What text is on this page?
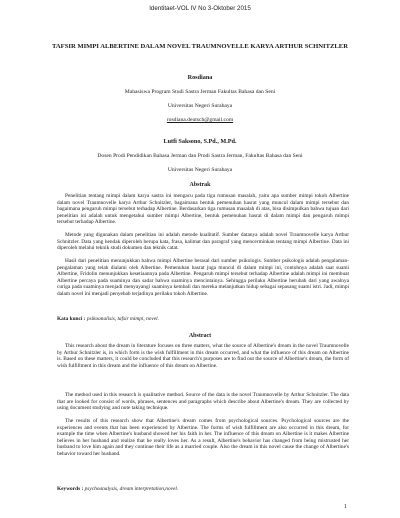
Identitaet-VOL IV No 3-Oktober 2015
TAFSIR MIMPI ALBERTINE DALAM NOVEL TRAUMNOVELLE KARYA ARTHUR SCHNITZLER
Rosdiana
Mahasiswa Program Studi Sastra Jerman Fakultas Bahasa dan Seni
Universitas Negeri Surabaya
rosdiana.deutsch@gmail.com
Lutfi Saksono, S.Pd., M.Pd.
Dosen Prodi Pendidikan Bahasa Jerman dan Prodi Sastra Jerman, Fakultas Bahasa dan Seni
Universitas Negeri Surabaya
Abstrak

Penelitian tentang mimpi dalam karya sastra ini mengacu pada tiga rumusan masalah, yaitu apa sumber mimpi tokoh Albertine dalam novel Traumnovelle karya Arthur Schnitzler, bagaimana bentuk pemenuhan hasrat yang muncul dalam mimpi tersebut dan bagaimana pengaruh mimpi tersebut terhadap Albertine. Berdasarkan tiga rumusan masalah di atas, bisa disimpulkan bahwa tujuan dari penelitian ini adalah untuk mengetahui sumber mimpi Albertine, bentuk pemenuhan hasrat di dalam mimpi dan pengaruh mimpi tersebut terhadap Albertine.

Metode yang digunakan dalam penelitian ini adalah metode kualitatif. Sumber datanya adalah novel Traumnovelle karya Arthur Schnitzler. Data yang hendak diperoleh berupa kata, frasa, kalimat dan paragraf yang mencerminkan tentang mimpi Albertine. Data ini diperoleh melalui teknik studi dokumen dan teknik catat.

Hasil dari penelitian menunjukkan bahwa mimpi Albertine berasal dari sumber psikologis. Sumber psikologis adalah pengalaman-pengalaman yang telah dialami oleh Albertine. Pemenuhan hasrat juga muncul di dalam mimpi ini, contohnya adalah saat suami Albertine, Fridolin menunjukkan kesetiaannya pada Albertine. Pengaruh mimpi tersebut terhadap Albertine adalah mimpi ini membuat Albertine percaya pada suaminya dan sadar bahwa suaminya mencintainya. Sehingga perilaku Albertine berubah dari yang awalnya curiga pada suaminya menjadi menyayangi suaminya kembali dan mereka melanjutkan hidup sebagai sepasang suami istri. Jadi, mimpi dalam novel ini menjadi penyebab terjadinya perilaku tokoh Albertine.

Kata kunci : psikoanalisis, tafsir mimpi, novel.
Abstract

This research about the dream in literature focuses on three matters, what the source of Albertine's dream in the novel Traumnovelle by Arthur Schnitzler is, in which form is the wish fulfillment in this dream occurred, and what the influence of this dream on Albertine is. Based on these matters, it could be concluded that this research's purposes are to find out the source of Albertine's dream, the form of wish fulfillment in this dream and the influence of this dream on Albertine.

The method used in this research is qualitative method. Source of the data is the novel Traumnovelle by Arthur Schnitzler. The data that are looked for consist of words, phrases, sentences and paragraphs which describe about Albertine's dream. They are collected by using document studying and note taking technique.

The results of this research show that Albertine's dream comes from psychological sources. Psychological sources are the experiences and events that has been experienced by Albertine. The forms of wish fulfillment are also occurred in this dream, for example the time when Albertine's husband showed her his faith in her. The influence of this dream on Albertine is it makes Albertine believes in her husband and realize that he really loves her. As a result, Albertine's behavior has changed from being mistrusted her husband to love him again and they continue their life as a married couple. Also the dream in this novel cause the change of Albertine's behavior toward her husband.

Keywords : psychoanalysis, dream interpretation,novel.
1
